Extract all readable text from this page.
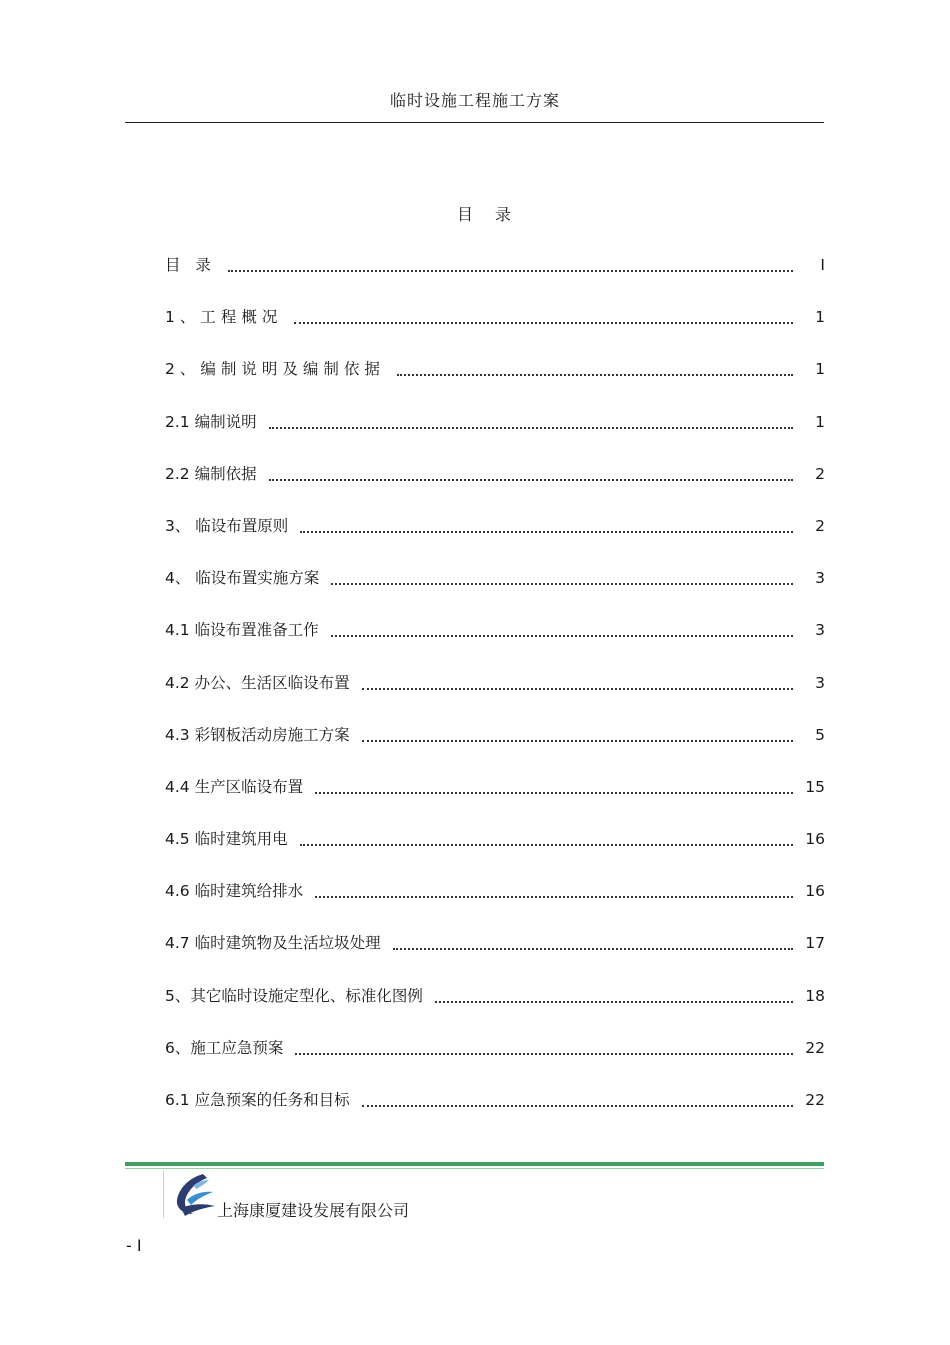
临时设施工程施工方案
目录
目 录	I
1、工程概况	1
2、编制说明及编制依据	1
2.1 编制说明	1
2.2 编制依据	2
3、 临设布置原则	2
4、 临设布置实施方案	3
4.1 临设布置准备工作	3
4.2 办公、生活区临设布置	3
4.3 彩钢板活动房施工方案	5
4.4 生产区临设布置	15
4.5 临时建筑用电	16
4.6 临时建筑给排水	16
4.7 临时建筑物及生活垃圾处理	17
5、其它临时设施定型化、标准化图例	18
6、施工应急预案	22
6.1 应急预案的任务和目标	22
上海康厦建设发展有限公司
- I
